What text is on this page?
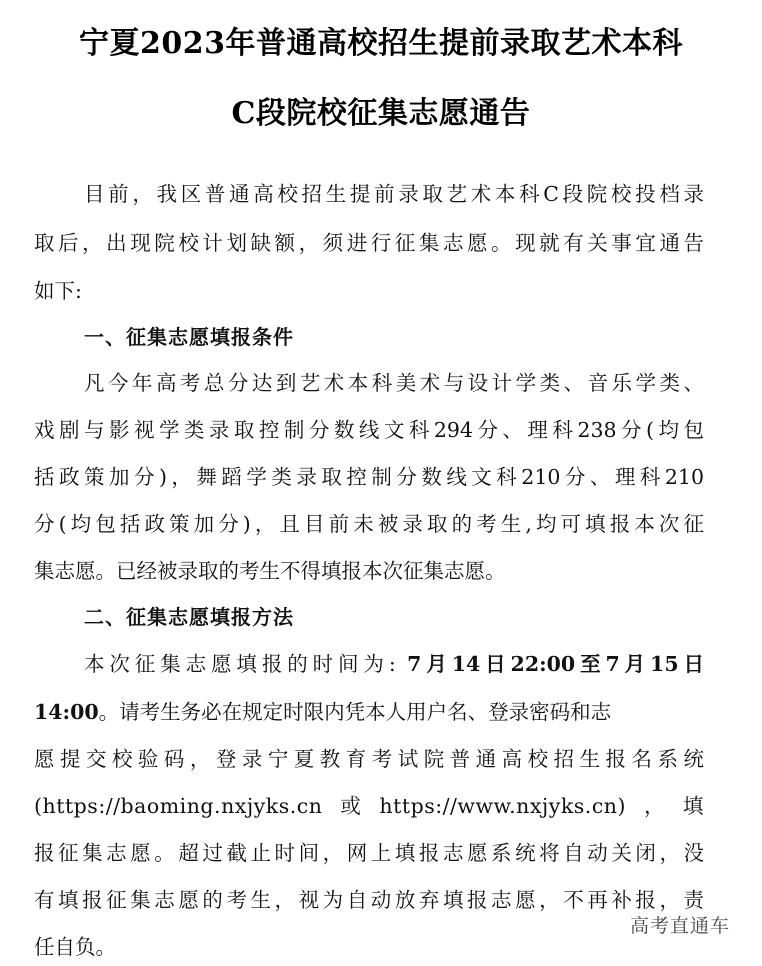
宁夏2023年普通高校招生提前录取艺术本科
C段院校征集志愿通告
目前，我区普通高校招生提前录取艺术本科C段院校投档录
取后，出现院校计划缺额，须进行征集志愿。现就有关事宜通告
如下:
一、征集志愿填报条件
凡今年高考总分达到艺术本科美术与设计学类、音乐学类、
戏剧与影视学类录取控制分数线文科294分、理科238分(均包
括政策加分)，舞蹈学类录取控制分数线文科210分、理科210
分(均包括政策加分)，且目前未被录取的考生,均可填报本次征
集志愿。已经被录取的考生不得填报本次征集志愿。
二、征集志愿填报方法
本次征集志愿填报的时间为: 7月14日22:00至7月15日
14:00。请考生务必在规定时限内凭本人用户名、登录密码和志
愿提交校验码，登录宁夏教育考试院普通高校招生报名系统
(https://baoming.nxjyks.cn或https://www.nxjyks.cn)，填
报征集志愿。超过截止时间，网上填报志愿系统将自动关闭，没
有填报征集志愿的考生，视为自动放弃填报志愿，不再补报，责
任自负。
高考直通车
